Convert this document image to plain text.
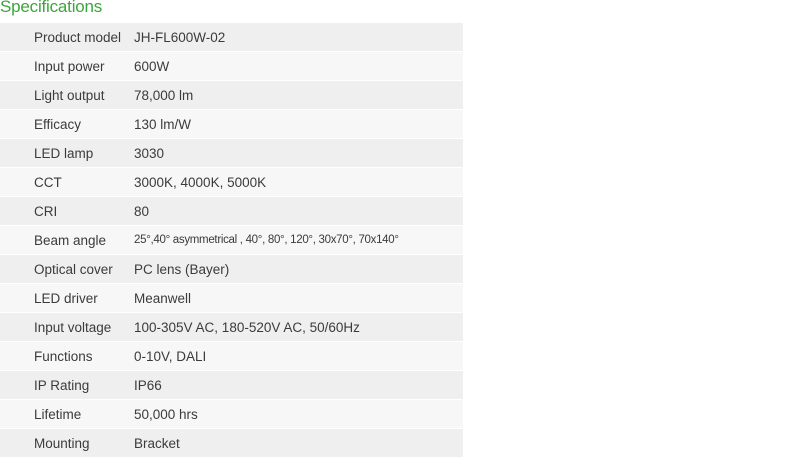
Specifications
Product model JH-FL600W-02
Input power	600W
Light output	78,000 lm
Efficacy	130 lm/W
LED lamp	3030
CCT	3000K, 4000K, 5000K
CRI	80
Beam angle	25°,40° asymmetrical , 40°, 80°, 120°, 30x70°, 70x140°
Optical cover	PC lens (Bayer)
LED driver	Meanwell
Input voltage	100-305V AC, 180-520V AC, 50/60Hz
Functions	0-10V, DALI
IP Rating	IP66
Lifetime	50,000 hrs
Mounting	Bracket
